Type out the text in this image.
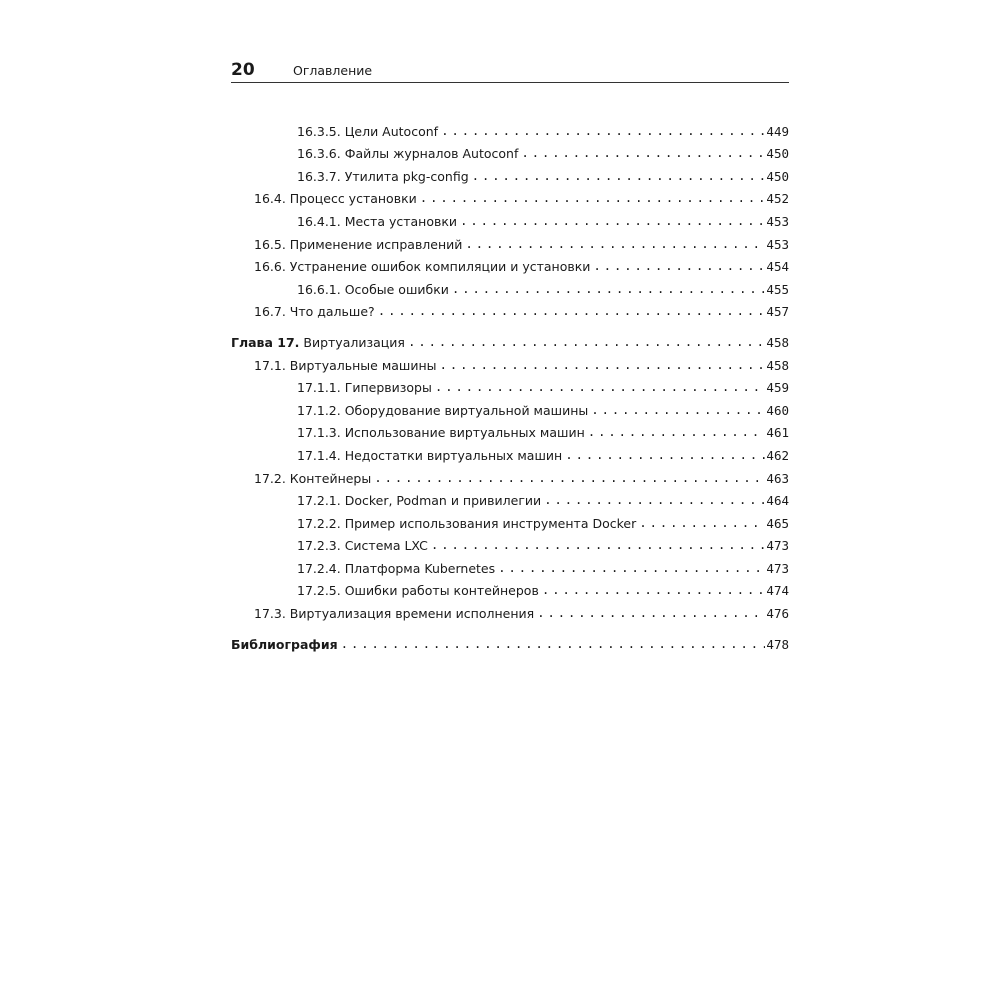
20	Оглавление
16.3.5. Цели Autoconf . . .	449
16.3.6. Файлы журналов Autoconf . . .	450
16.3.7. Утилита pkg-config . . .	450
16.4. Процесс установки . . .	452
16.4.1. Места установки . . .	453
16.5. Применение исправлений . . .	453
16.6. Устранение ошибок компиляции и установки . . .	454
16.6.1. Особые ошибки . . .	455
16.7. Что дальше? . . .	457
Глава 17. Виртуализация . . .	458
17.1. Виртуальные машины . . .	458
17.1.1. Гипервизоры . . .	459
17.1.2. Оборудование виртуальной машины . . .	460
17.1.3. Использование виртуальных машин . . .	461
17.1.4. Недостатки виртуальных машин . . .	462
17.2. Контейнеры . . .	463
17.2.1. Docker, Podman и привилегии . . .	464
17.2.2. Пример использования инструмента Docker . . .	465
17.2.3. Система LXC . . .	473
17.2.4. Платформа Kubernetes . . .	473
17.2.5. Ошибки работы контейнеров . . .	474
17.3. Виртуализация времени исполнения . . .	476
Библиография . . .	478
